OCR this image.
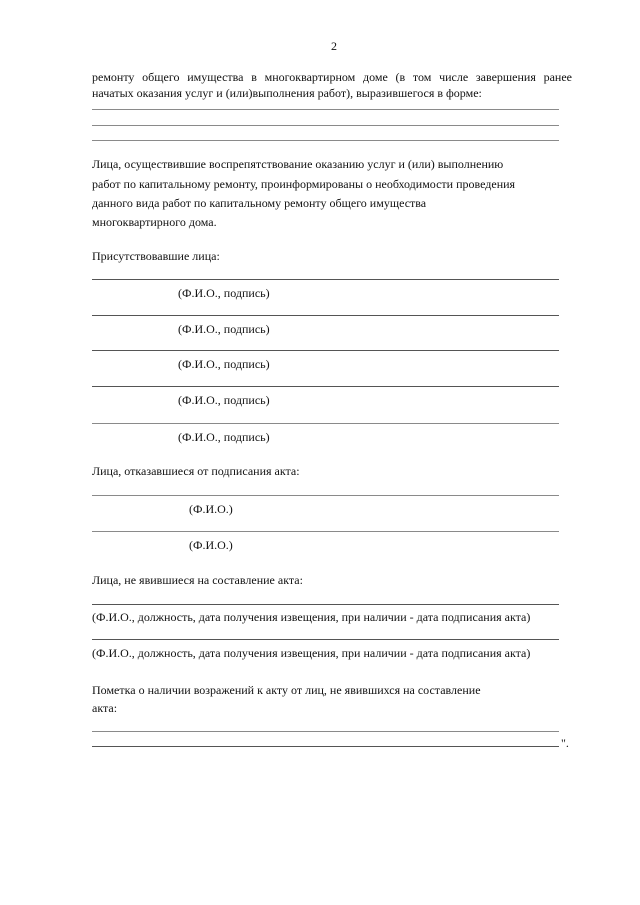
2
ремонту общего имущества в многоквартирном доме (в том числе завершения ранее
начатых оказания услуг и (или)выполнения работ), выразившегося в форме:
Лица, осуществившие воспрепятствование оказанию услуг и (или) выполнению
работ по капитальному ремонту, проинформированы о необходимости проведения
данного вида работ по капитальному ремонту общего имущества
многоквартирного дома.
Присутствовавшие лица:
(Ф.И.О., подпись)
(Ф.И.О., подпись)
(Ф.И.О., подпись)
(Ф.И.О., подпись)
(Ф.И.О., подпись)
Лица, отказавшиеся от подписания акта:
(Ф.И.О.)
(Ф.И.О.)
Лица, не явившиеся на составление акта:
(Ф.И.О., должность, дата получения извещения, при наличии - дата подписания акта)
(Ф.И.О., должность, дата получения извещения, при наличии - дата подписания акта)
Пометка о наличии возражений к акту от лиц, не явившихся на составление
акта:
".
